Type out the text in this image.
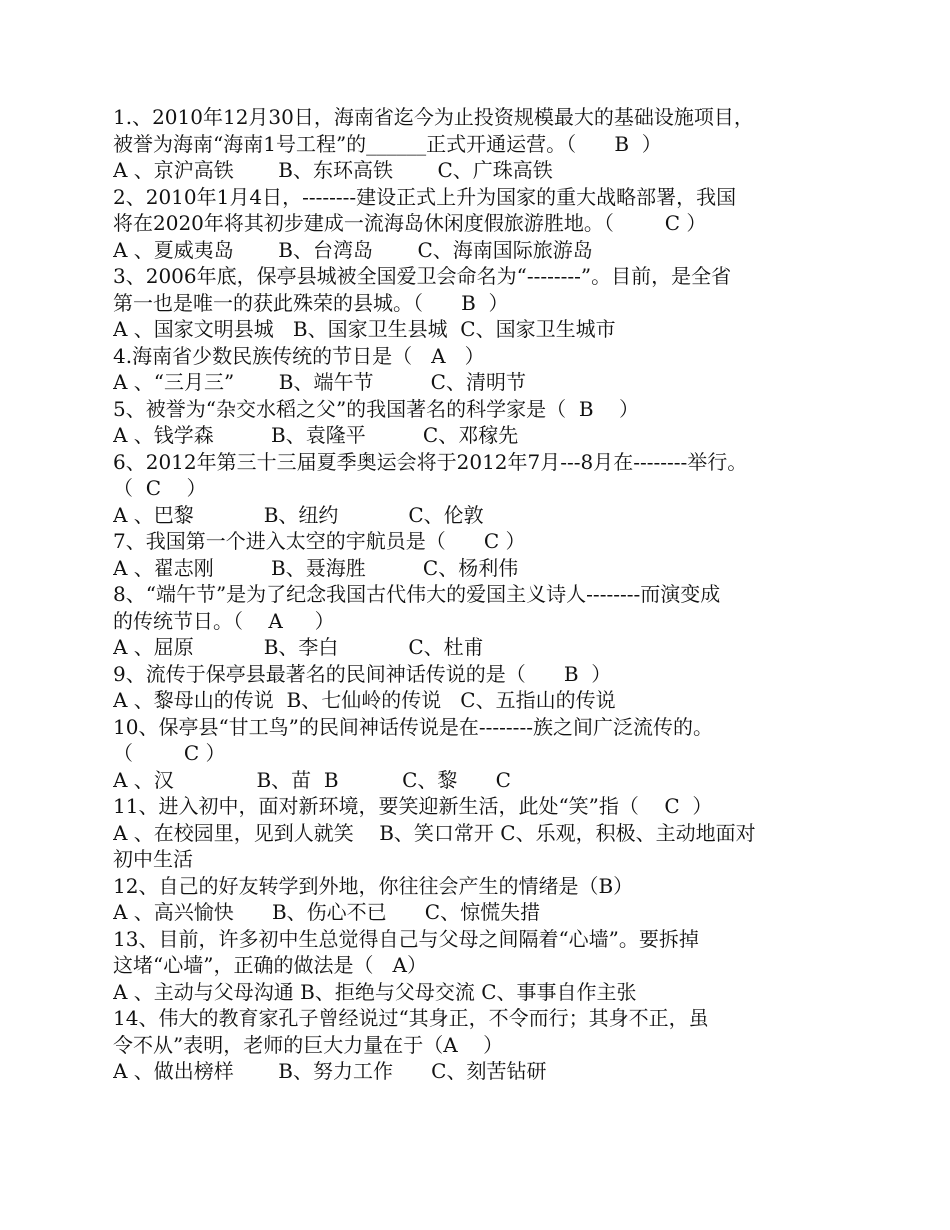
1.、2010年12月30日，海南省迄今为止投资规模最大的基础设施项目，
被誉为海南“海南1号工程”的______正式开通运营。（      B  ）
A 、京沪高铁       B、东环高铁       C、广珠高铁
2、2010年1月4日，--------建设正式上升为国家的重大战略部署，我国
将在2020年将其初步建成一流海岛休闲度假旅游胜地。（        C ）
A 、夏威夷岛       B、台湾岛       C、海南国际旅游岛
3、2006年底，保亭县城被全国爱卫会命名为“--------”。目前，是全省
第一也是唯一的获此殊荣的县城。（      B  ）
A 、国家文明县城   B、国家卫生县城  C、国家卫生城市
4.海南省少数民族传统的节日是（   A   ）
A 、“三月三”       B、端午节         C、清明节
5、被誉为“杂交水稻之父”的我国著名的科学家是（  B    ）
A 、钱学森         B、袁隆平         C、邓稼先
6、2012年第三十三届夏季奥运会将于2012年7月---8月在--------举行。
（  C    ）
A 、巴黎           B、纽约           C、伦敦
7、我国第一个进入太空的宇航员是（      C ）
A 、翟志刚         B、聂海胜         C、杨利伟
8、“端午节”是为了纪念我国古代伟大的爱国主义诗人--------而演变成
的传统节日。（    A     ）
A 、屈原           B、李白           C、杜甫
9、流传于保亭县最著名的民间神话传说的是（      B  ）
A 、黎母山的传说  B、七仙岭的传说   C、五指山的传说
10、保亭县“甘工鸟”的民间神话传说是在--------族之间广泛流传的。
（        C ）
A 、汉             B、苗  B          C、黎      C
11、进入初中，面对新环境，要笑迎新生活，此处“笑”指（    C  ）
A 、在校园里，见到人就笑    B、笑口常开 C、乐观，积极、主动地面对
初中生活
12、自己的好友转学到外地，你往往会产生的情绪是（B）
A 、高兴愉快      B、伤心不已      C、惊慌失措
13、目前，许多初中生总觉得自己与父母之间隔着“心墙”。要拆掉
这堵“心墙”，正确的做法是（   A）
A 、主动与父母沟通 B、拒绝与父母交流 C、事事自作主张
14、伟大的教育家孔子曾经说过“其身正，不令而行；其身不正，虽
令不从”表明，老师的巨大力量在于（A    ）
A 、做出榜样       B、努力工作      C、刻苦钻研
